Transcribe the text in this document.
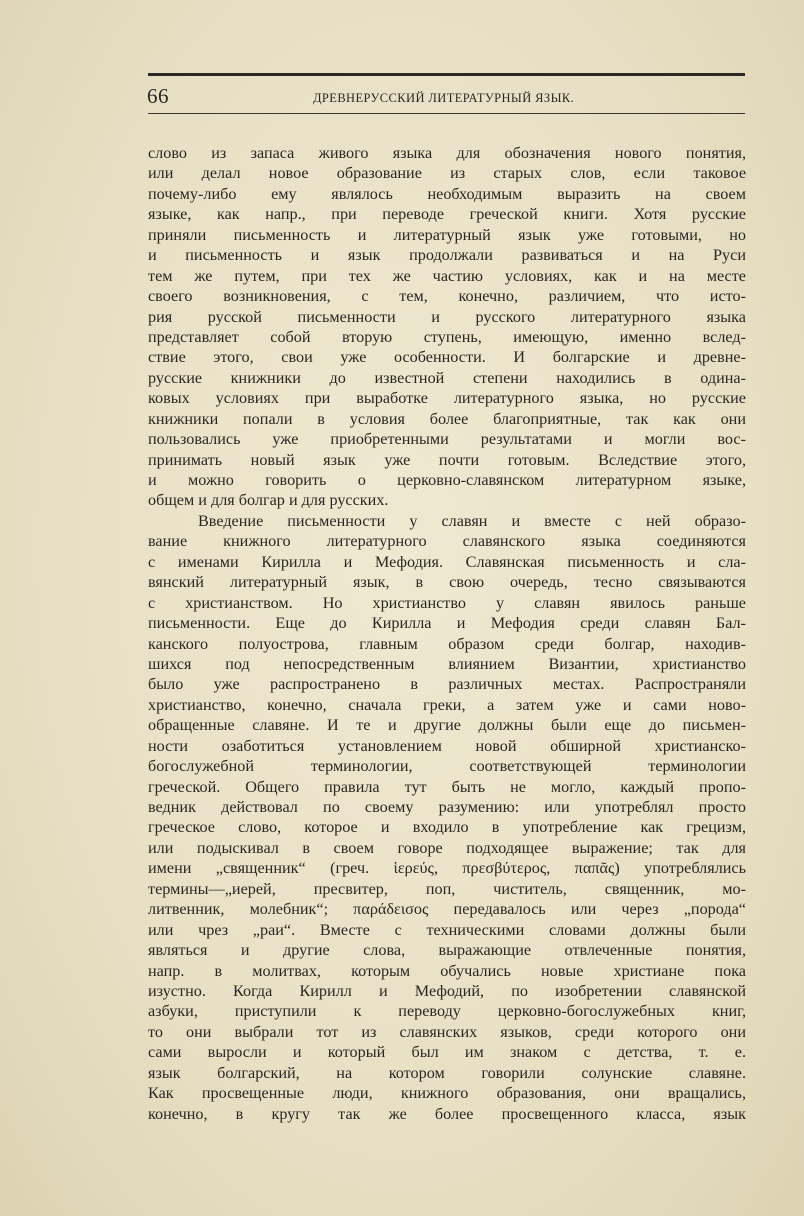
66	ДРЕВНЕРУССКИЙ ЛИТЕРАТУРНЫЙ ЯЗЫК.
слово из запаса живого языка для обозначения нового понятия,
или делал новое образование из старых слов, если таковое
почему-либо ему являлось необходимым выразить на своем
языке, как напр., при переводе греческой книги. Хотя русские
приняли письменность и литературный язык уже готовыми, но
и письменность и язык продолжали развиваться и на Руси
тем же путем, при тех же частию условиях, как и на месте
своего возникновения, с тем, конечно, различием, что исто-
рия русской письменности и русского литературного языка
представляет собой вторую ступень, имеющую, именно вслед-
ствие этого, свои уже особенности. И болгарские и древне-
русские книжники до известной степени находились в одина-
ковых условиях при выработке литературного языка, но русские
книжники попали в условия более благоприятные, так как они
пользовались уже приобретенными результатами и могли вос-
принимать новый язык уже почти готовым. Вследствие этого,
и можно говорить о церковно-славянском литературном языке,
общем и для болгар и для русских.
Введение письменности у славян и вместе с ней образо-
вание книжного литературного славянского языка соединяются
с именами Кирилла и Мефодия. Славянская письменность и сла-
вянский литературный язык, в свою очередь, тесно связываются
с христианством. Но христианство у славян явилось раньше
письменности. Еще до Кирилла и Мефодия среди славян Бал-
канского полуострова, главным образом среди болгар, находив-
шихся под непосредственным влиянием Византии, христианство
было уже распространено в различных местах. Распространяли
христианство, конечно, сначала греки, а затем уже и сами ново-
обращенные славяне. И те и другие должны были еще до письмен-
ности озаботиться установлением новой обширной христианско-
богослужебной терминологии, соответствующей терминологии
греческой. Общего правила тут быть не могло, каждый пропо-
ведник действовал по своему разумению: или употреблял просто
греческое слово, которое и входило в употребление как грецизм,
или подыскивал в своем говоре подходящее выражение; так для
имени „священник“ (греч. ἱερεύς, πρεσβύτερος, παπᾶς) употреблялись
термины—„иерей, пресвитер, поп, чиститель, священник, мо-
литвенник, молебник“; παράδεισος передавалось или через „порода“
или чрез „раи“. Вместе с техническими словами должны были
являться и другие слова, выражающие отвлеченные понятия,
напр. в молитвах, которым обучались новые христиане пока
изустно. Когда Кирилл и Мефодий, по изобретении славянской
азбуки, приступили к переводу церковно-богослужебных книг,
то они выбрали тот из славянских языков, среди которого они
сами выросли и который был им знаком с детства, т. е.
язык болгарский, на котором говорили солунские славяне.
Как просвещенные люди, книжного образования, они вращались,
конечно, в кругу так же более просвещенного класса, язык
